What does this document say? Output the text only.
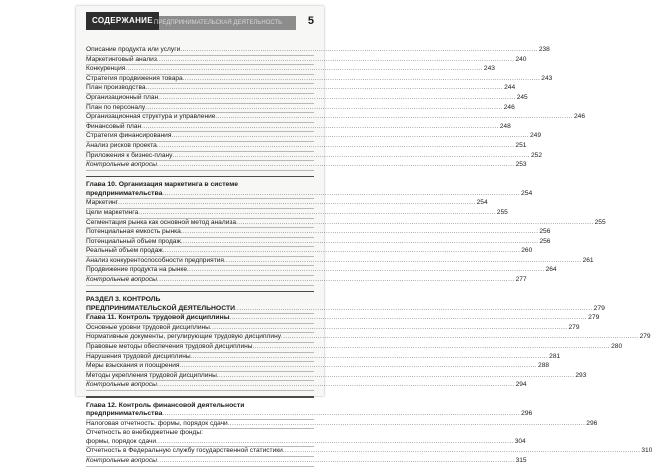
СОДЕРЖАНИЕ ПРЕДПРИНИМАТЕЛЬСКАЯ ДЕЯТЕЛЬНОСТЬ 5
Описание продукта или услуги .....	238
Маркетинговый анализ .....	240
Конкуренция .....	243
Стратегия продвижения товара .....	243
План производства .....	244
Организационный план .....	245
План по персоналу .....	246
Организационная структура и управление .....	246
Финансовый план .....	248
Стратегия финансирования .....	249
Анализ рисков проекта .....	251
Приложения к бизнес-плану .....	252
Контрольные вопросы .....	253
Глава 10. Организация маркетинга в системе
предпринимательства .....	254
Маркетинг .....	254
Цели маркетинга .....	255
Сегментация рынка как основной метод анализа .....	255
Потенциальная емкость рынка .....	256
Потенциальный объем продаж .....	256
Реальный объем продаж .....	260
Анализ конкурентоспособности предприятия .....	261
Продвижение продукта на рынке .....	264
Контрольные вопросы .....	277
РАЗДЕЛ 3. КОНТРОЛЬ
ПРЕДПРИНИМАТЕЛЬСКОЙ ДЕЯТЕЛЬНОСТИ .....	279
Глава 11. Контроль трудовой дисциплины .....	279
Основные уровни трудовой дисциплины .....	279
Нормативные документы, регулирующие трудовую дисциплину .....	279
Правовые методы обеспечения трудовой дисциплины .....	280
Нарушения трудовой дисциплины .....	281
Меры взыскания и поощрения .....	288
Методы укрепления трудовой дисциплины .....	293
Контрольные вопросы .....	294
Глава 12. Контроль финансовой деятельности
предпринимательства .....	296
Налоговая отчетность: формы, порядок сдачи .....	296
Отчетность во внебюджетные фонды:
формы, порядок сдачи .....	304
Отчетность в Федеральную службу государственной статистики .....	310
Контрольные вопросы .....	315
